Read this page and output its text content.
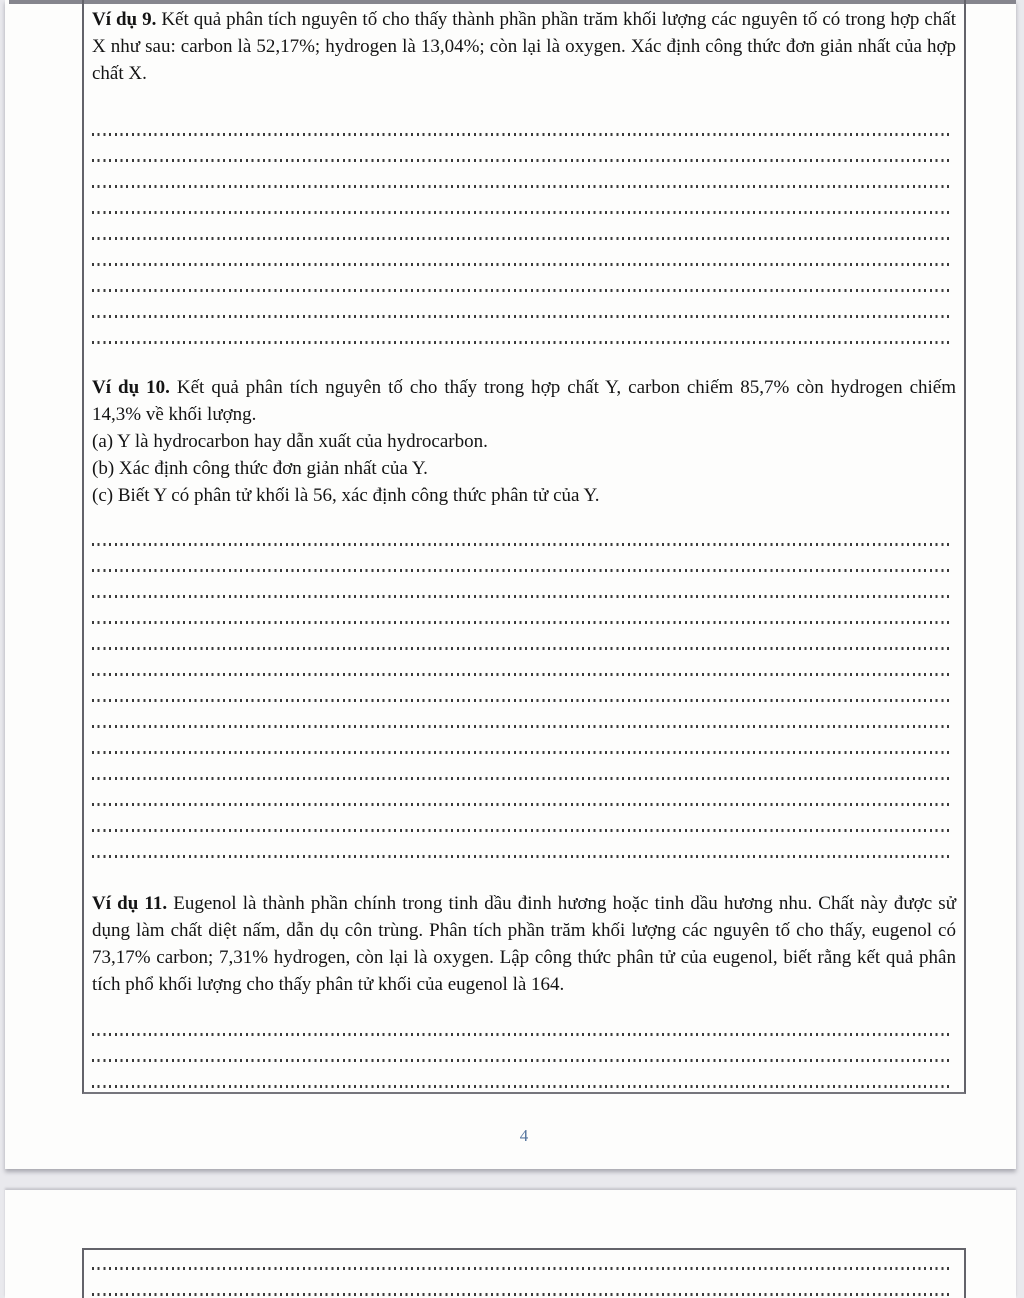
Ví dụ 9. Kết quả phân tích nguyên tố cho thấy thành phần phần trăm khối lượng các nguyên tố có trong hợp chất X như sau: carbon là 52,17%; hydrogen là 13,04%; còn lại là oxygen. Xác định công thức đơn giản nhất của hợp chất X.

Ví dụ 10. Kết quả phân tích nguyên tố cho thấy trong hợp chất Y, carbon chiếm 85,7% còn hydrogen chiếm 14,3% về khối lượng.

(a) Y là hydrocarbon hay dẫn xuất của hydrocarbon.

(b) Xác định công thức đơn giản nhất của Y.

(c) Biết Y có phân tử khối là 56, xác định công thức phân tử của Y.

Ví dụ 11. Eugenol là thành phần chính trong tinh dầu đinh hương hoặc tinh dầu hương nhu. Chất này được sử dụng làm chất diệt nấm, dẫn dụ côn trùng. Phân tích phần trăm khối lượng các nguyên tố cho thấy, eugenol có 73,17% carbon; 7,31% hydrogen, còn lại là oxygen. Lập công thức phân tử của eugenol, biết rằng kết quả phân tích phổ khối lượng cho thấy phân tử khối của eugenol là 164.

4
